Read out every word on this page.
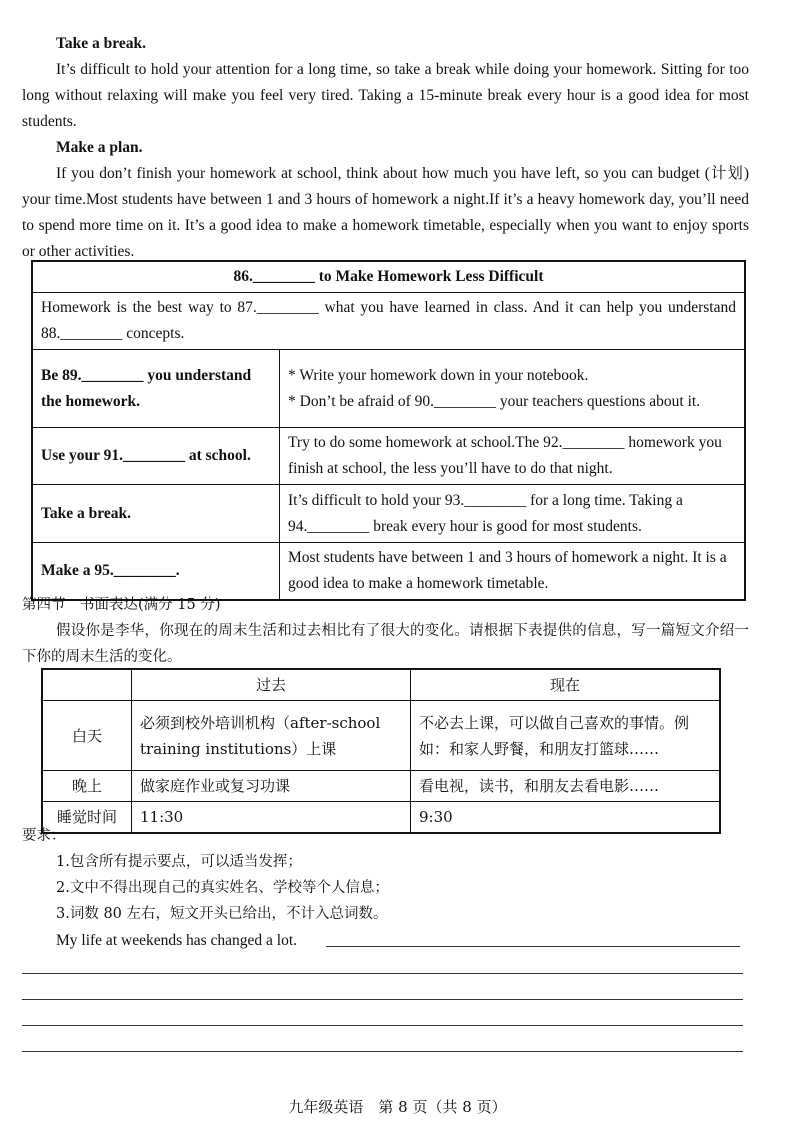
Take a break.
It’s difficult to hold your attention for a long time, so take a break while doing your homework. Sitting for too long without relaxing will make you feel very tired. Taking a 15-minute break every hour is a good idea for most students.
Make a plan.
If you don’t finish your homework at school, think about how much you have left, so you can budget (计划) your time.Most students have between 1 and 3 hours of homework a night.If it’s a heavy homework day, you’ll need to spend more time on it. It’s a good idea to make a homework timetable, especially when you want to enjoy sports or other activities.
86.________ to Make Homework Less Difficult	
Homework is the best way to 87.________ what you have learned in class. And it can help you understand 88.________ concepts.	
Be 89.________ you understand the homework.	* Write your homework down in your notebook.
* Don’t be afraid of 90.________ your teachers questions about it.

Use your 91.________ at school.	Try to do some homework at school.The 92.________ homework you finish at school, the less you’ll have to do that night.
Take a break.	It’s difficult to hold your 93.________ for a long time. Taking a 94.________ break every hour is good for most students.
Make a 95.________.	Most students have between 1 and 3 hours of homework a night. It is a good idea to make a homework timetable.
第四节　书面表达(满分 15 分)
假设你是李华，你现在的周末生活和过去相比有了很大的变化。请根据下表提供的信息，写一篇短文介绍一下你的周末生活的变化。
	过去	现在
白天	必须到校外培训机构（after-school training institutions）上课	不必去上课，可以做自己喜欢的事情。例如：和家人野餐，和朋友打篮球……
晚上	做家庭作业或复习功课	看电视，读书，和朋友去看电影……
睡觉时间	11:30	9:30
要求：
1.包含所有提示要点，可以适当发挥；
2.文中不得出现自己的真实姓名、学校等个人信息；
3.词数 80 左右，短文开头已给出，不计入总词数。
My life at weekends has changed a lot.
九年级英语　第 8 页（共 8 页）
